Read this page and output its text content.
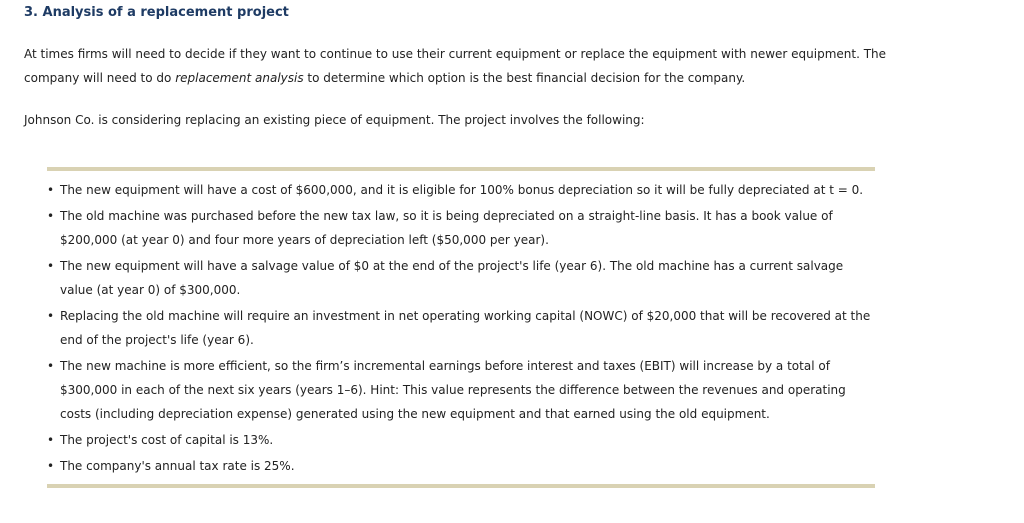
3. Analysis of a replacement project

At times firms will need to decide if they want to continue to use their current equipment or replace the equipment with newer equipment. The company will need to do replacement analysis to determine which option is the best financial decision for the company.

Johnson Co. is considering replacing an existing piece of equipment. The project involves the following:

• The new equipment will have a cost of $600,000, and it is eligible for 100% bonus depreciation so it will be fully depreciated at t = 0.
• The old machine was purchased before the new tax law, so it is being depreciated on a straight-line basis. It has a book value of $200,000 (at year 0) and four more years of depreciation left ($50,000 per year).
• The new equipment will have a salvage value of $0 at the end of the project's life (year 6). The old machine has a current salvage value (at year 0) of $300,000.
• Replacing the old machine will require an investment in net operating working capital (NOWC) of $20,000 that will be recovered at the end of the project's life (year 6).
• The new machine is more efficient, so the firm’s incremental earnings before interest and taxes (EBIT) will increase by a total of $300,000 in each of the next six years (years 1–6). Hint: This value represents the difference between the revenues and operating costs (including depreciation expense) generated using the new equipment and that earned using the old equipment.
• The project's cost of capital is 13%.
• The company's annual tax rate is 25%.
